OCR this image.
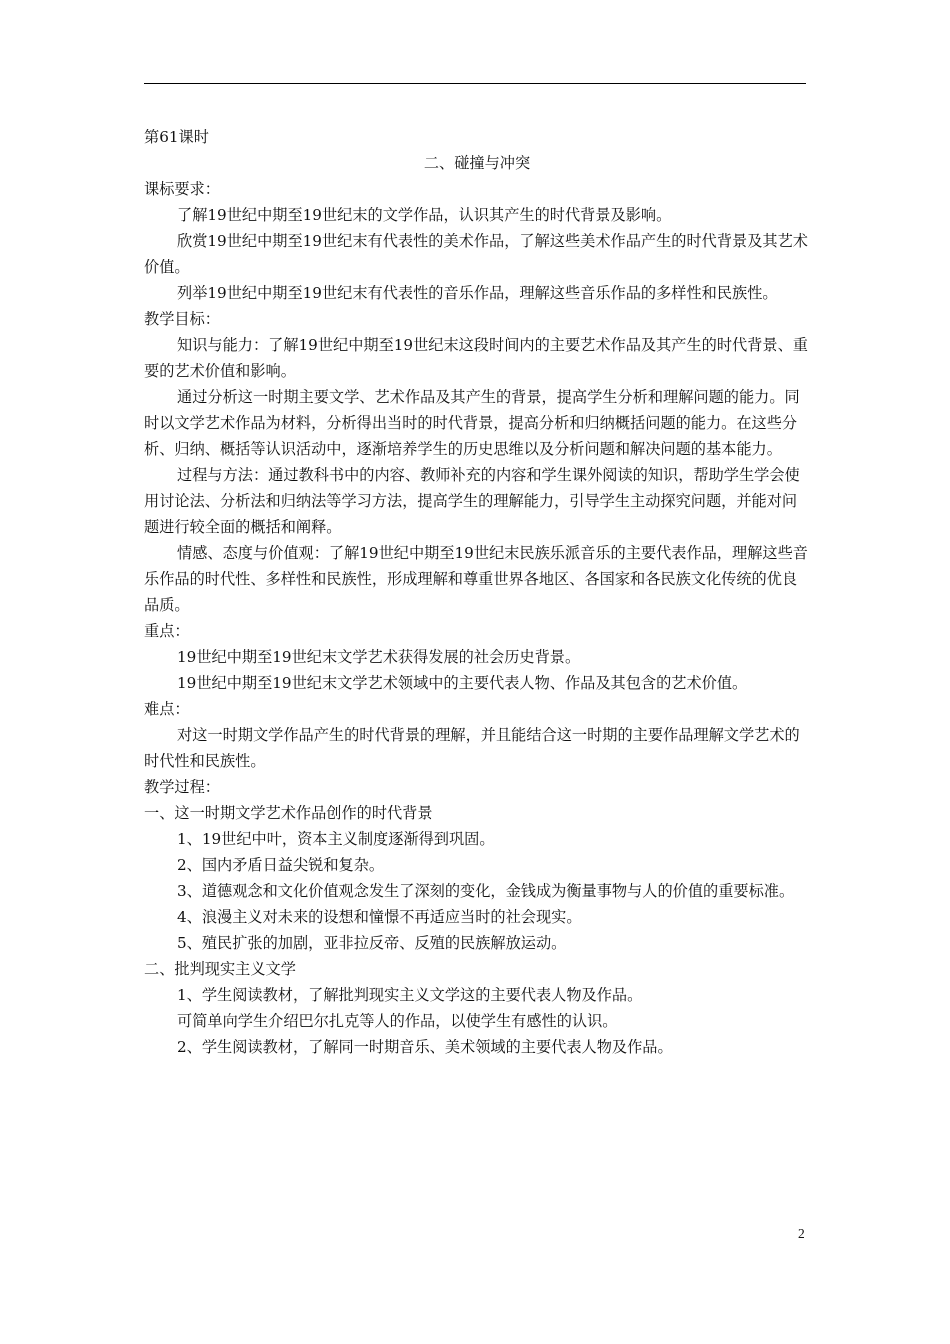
第61课时

二、碰撞与冲突

课标要求：

了解19世纪中期至19世纪末的文学作品，认识其产生的时代背景及影响。

欣赏19世纪中期至19世纪末有代表性的美术作品，了解这些美术作品产生的时代背景及其艺术价值。

列举19世纪中期至19世纪末有代表性的音乐作品，理解这些音乐作品的多样性和民族性。

教学目标：

知识与能力：了解19世纪中期至19世纪末这段时间内的主要艺术作品及其产生的时代背景、重要的艺术价值和影响。

通过分析这一时期主要文学、艺术作品及其产生的背景，提高学生分析和理解问题的能力。同时以文学艺术作品为材料，分析得出当时的时代背景，提高分析和归纳概括问题的能力。在这些分析、归纳、概括等认识活动中，逐渐培养学生的历史思维以及分析问题和解决问题的基本能力。

过程与方法：通过教科书中的内容、教师补充的内容和学生课外阅读的知识，帮助学生学会使用讨论法、分析法和归纳法等学习方法，提高学生的理解能力，引导学生主动探究问题，并能对问题进行较全面的概括和阐释。

情感、态度与价值观：了解19世纪中期至19世纪末民族乐派音乐的主要代表作品，理解这些音乐作品的时代性、多样性和民族性，形成理解和尊重世界各地区、各国家和各民族文化传统的优良品质。

重点：

19世纪中期至19世纪末文学艺术获得发展的社会历史背景。

19世纪中期至19世纪末文学艺术领域中的主要代表人物、作品及其包含的艺术价值。

难点：

对这一时期文学作品产生的时代背景的理解，并且能结合这一时期的主要作品理解文学艺术的时代性和民族性。

教学过程：

一、这一时期文学艺术作品创作的时代背景

1、19世纪中叶，资本主义制度逐渐得到巩固。

2、国内矛盾日益尖锐和复杂。

3、道德观念和文化价值观念发生了深刻的变化，金钱成为衡量事物与人的价值的重要标准。

4、浪漫主义对未来的设想和憧憬不再适应当时的社会现实。

5、殖民扩张的加剧，亚非拉反帝、反殖的民族解放运动。

二、批判现实主义文学

1、学生阅读教材，了解批判现实主义文学这的主要代表人物及作品。

可简单向学生介绍巴尔扎克等人的作品，以使学生有感性的认识。

2、学生阅读教材，了解同一时期音乐、美术领域的主要代表人物及作品。

2
